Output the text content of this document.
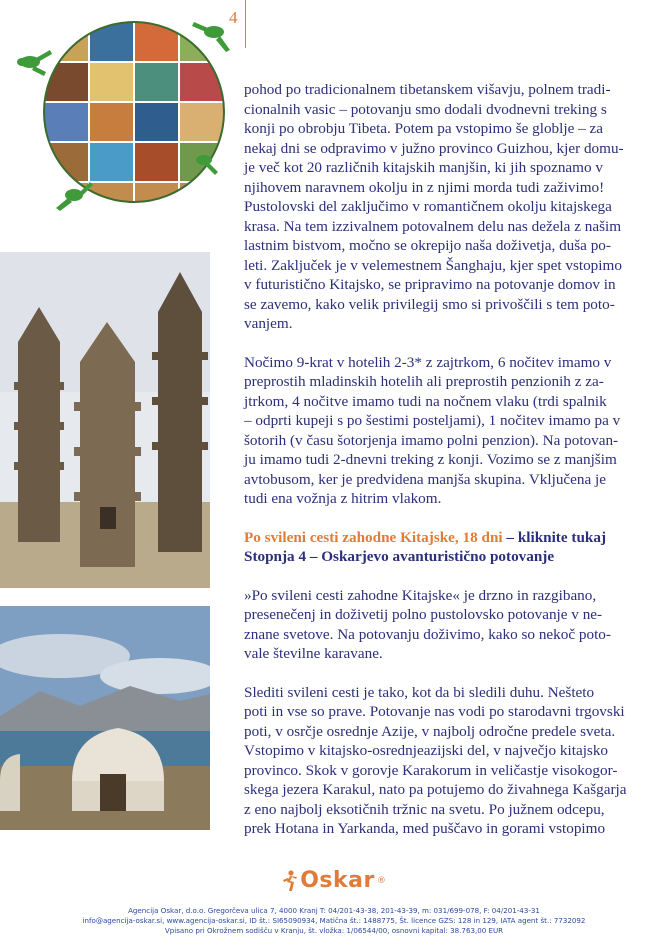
4

pohod po tradicionalnem tibetanskem višavju, polnem tradi-
cionalnih vasic – potovanju smo dodali dvodnevni treking s
konji po obrobju Tibeta. Potem pa vstopimo še globlje – za
nekaj dni se odpravimo v južno provinco Guizhou, kjer domu-
je več kot 20 različnih kitajskih manjšin, ki jih spoznamo v
njihovem naravnem okolju in z njimi morda tudi zaživimo!
Pustolovski del zaključimo v romantičnem okolju kitajskega
krasa. Na tem izzivalnem potovalnem delu nas dežela z našim
lastnim bistvom, močno se okrepijo naša doživetja, duša po-
leti. Zaključek je v velemestnem Šanghaju, kjer spet vstopimo
v futuristično Kitajsko, se pripravimo na potovanje domov in
se zavemo, kako velik privilegij smo si privoščili s tem poto-
vanjem.

Nočimo 9-krat v hotelih 2-3* z zajtrkom, 6 nočitev imamo v
preprostih mladinskih hotelih ali preprostih penzionih z za-
jtrkom, 4 nočitve imamo tudi na nočnem vlaku (trdi spalnik
– odprti kupeji s po šestimi posteljami), 1 nočitev imamo pa v
šotorih (v času šotorjenja imamo polni penzion). Na potovan-
ju imamo tudi 2-dnevni treking z konji. Vozimo se z manjšim
avtobusom, ker je predvidena manjša skupina. Vključena je
tudi ena vožnja z hitrim vlakom.

Po svileni cesti zahodne Kitajske, 18 dni – kliknite tukaj
Stopnja 4 – Oskarjevo avanturistično potovanje

»Po svileni cesti zahodne Kitajske« je drzno in razgibano,
presenečenj in doživetij polno pustolovsko potovanje v ne-
znane svetove. Na potovanju doživimo, kako so nekoč poto-
vale številne karavane.

Slediti svileni cesti je tako, kot da bi sledili duhu. Nešteto
poti in vse so prave. Potovanje nas vodi po starodavni trgovski
poti, v osrčje osrednje Azije, v najbolj odročne predele sveta.
Vstopimo v kitajsko-osrednjeazijski del, v največjo kitajsko
provinco. Skok v gorovje Karakorum in veličastje visokogor-
skega jezera Karakul, nato pa potujemo do živahnega Kašgarja
z eno najbolj eksotičnih tržnic na svetu. Po južnem odcepu,
prek Hotana in Yarkanda, med puščavo in gorami vstopimo

Oskar ®
Agencija Oskar, d.o.o. Gregorčeva ulica 7, 4000 Kranj T: 04/201-43-38, 201-43-39, m: 031/699-078, F: 04/201-43-31
info@agencija-oskar.si, www.agencija-oskar.si, ID št.: SI65090934, Matična št.: 1488775, Št. licence GZS: 128 in 129, IATA agent št.: 7732092
Vpisano pri Okrožnem sodišču v Kranju, št. vložka: 1/06544/00, osnovni kapital: 38.763,00 EUR
